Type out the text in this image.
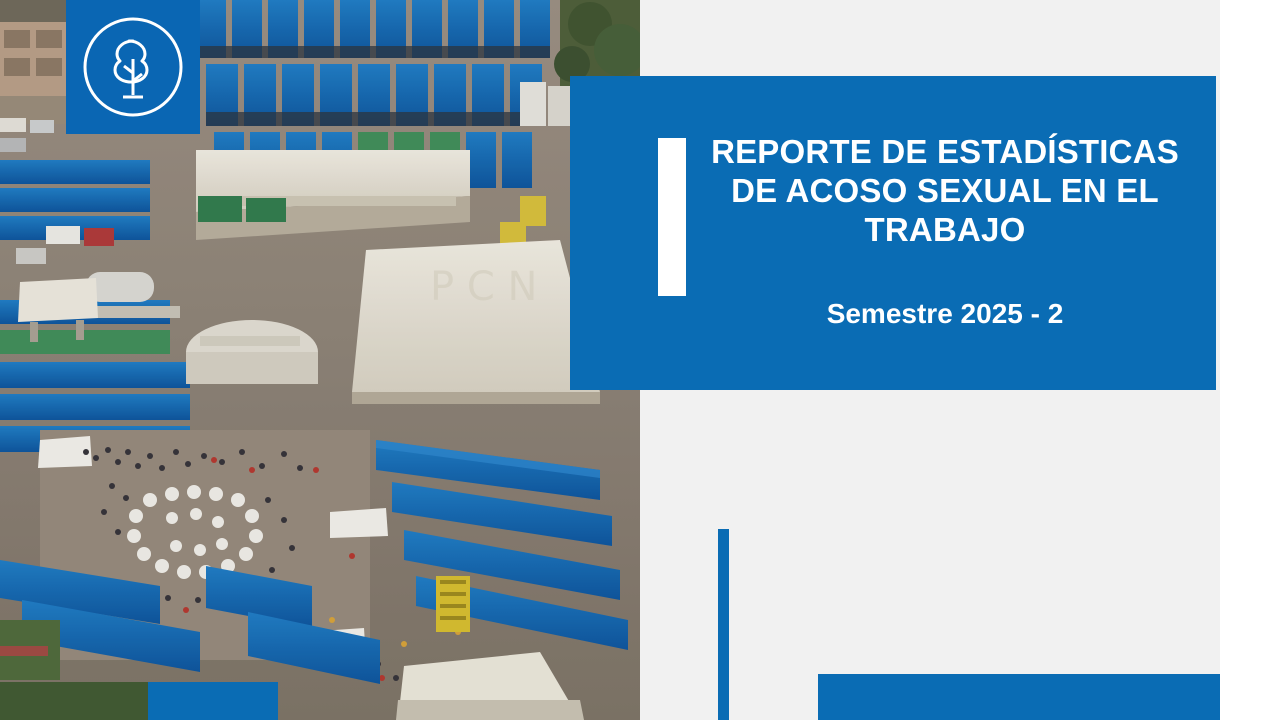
P C N
REPORTE DE ESTADÍSTICAS DE ACOSO SEXUAL EN EL TRABAJO
Semestre 2025 - 2
